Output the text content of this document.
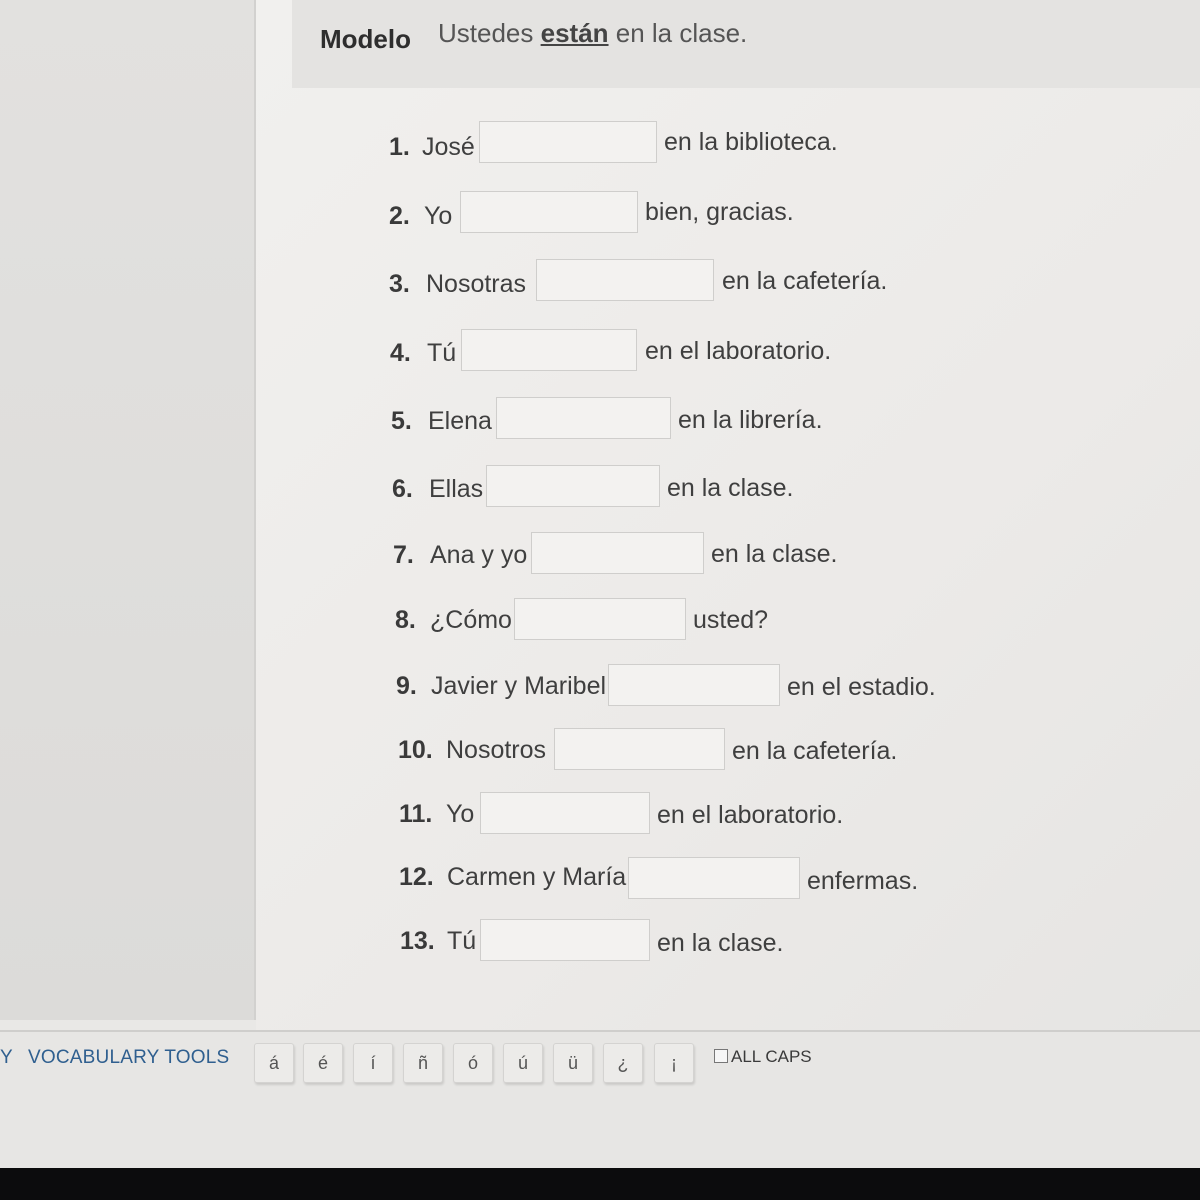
Modelo Ustedes están en la clase.
1. José	en la biblioteca.
2. Yo	bien, gracias.
3. Nosotras	en la cafetería.
4. Tú	en el laboratorio.
5. Elena	en la librería.
6. Ellas	en la clase.
7. Ana y yo	en la clase.
8. ¿Cómo	usted?
9. Javier y Maribel	en el estadio.
10. Nosotros	en la cafetería.
11. Yo	en el laboratorio.
12. Carmen y María	enfermas.
13. Tú	en la clase.
Y VOCABULARY TOOLS	á	é	í	ñ	ó	ú	ü	¿	¡	ALL CAPS
